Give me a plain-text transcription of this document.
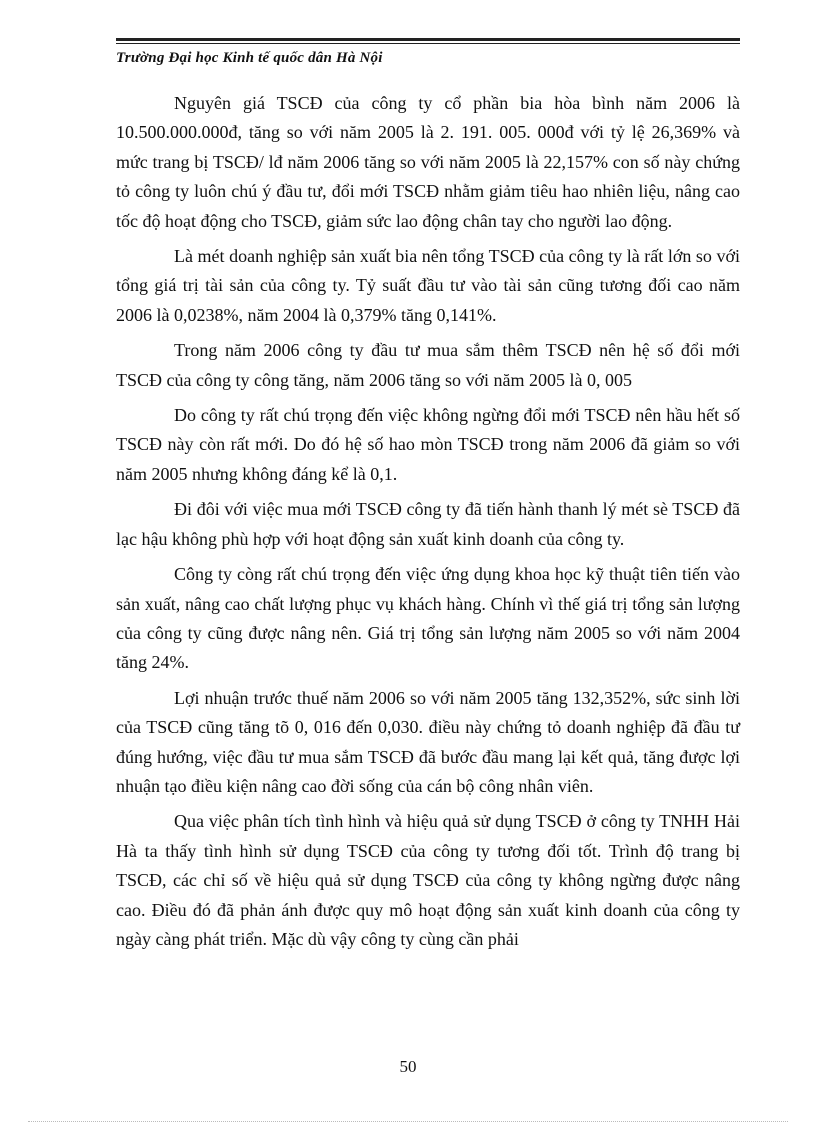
Trường Đại học Kinh tế quốc dân Hà Nội

Nguyên giá TSCĐ của công ty cổ phần bia hòa bình năm 2006 là 10.500.000.000đ, tăng so với năm 2005 là 2. 191. 005. 000đ với tỷ lệ 26,369% và mức trang bị TSCĐ/ lđ năm 2006 tăng so với năm 2005 là 22,157% con số này chứng tỏ công ty luôn chú ý đầu tư, đổi mới TSCĐ nhằm giảm tiêu hao nhiên liệu, nâng cao tốc độ hoạt động cho TSCĐ, giảm sức lao động chân tay cho người lao động.

Là mét doanh nghiệp sản xuất bia nên tổng TSCĐ của công ty là rất lớn so với tổng giá trị tài sản của công ty. Tỷ suất đầu tư vào tài sản cũng tương đối cao năm 2006 là 0,0238%, năm 2004 là 0,379% tăng 0,141%.

Trong năm 2006 công ty đầu tư mua sắm thêm TSCĐ nên hệ số đổi mới TSCĐ của công ty công tăng, năm 2006 tăng so với năm 2005 là 0, 005

Do công ty rất chú trọng đến việc không ngừng đổi mới TSCĐ nên hầu hết số TSCĐ này còn rất mới. Do đó hệ số hao mòn TSCĐ trong năm 2006 đã giảm so với năm 2005 nhưng không đáng kể là 0,1.

Đi đôi với việc mua mới TSCĐ công ty đã tiến hành thanh lý mét sè TSCĐ đã lạc hậu không phù hợp với hoạt động sản xuất kinh doanh của công ty.

Công ty còng rất chú trọng đến việc ứng dụng khoa học kỹ thuật tiên tiến vào sản xuất, nâng cao chất lượng phục vụ khách hàng. Chính vì thế giá trị tổng sản lượng của công ty cũng được nâng nên. Giá trị tổng sản lượng năm 2005 so với năm 2004 tăng 24%.

Lợi nhuận trước thuế năm 2006 so với năm 2005 tăng 132,352%, sức sinh lời của TSCĐ cũng tăng tõ 0, 016 đến 0,030. điều này chứng tỏ doanh nghiệp đã đầu tư đúng hướng, việc đầu tư mua sắm TSCĐ đã bước đầu mang lại kết quả, tăng được lợi nhuận tạo điều kiện nâng cao đời sống của cán bộ công nhân viên.

Qua việc phân tích tình hình và hiệu quả sử dụng TSCĐ ở công ty TNHH Hải Hà ta thấy tình hình sử dụng TSCĐ của công ty tương đối tốt. Trình độ trang bị TSCĐ, các chỉ số về hiệu quả sử dụng TSCĐ của công ty không ngừng được nâng cao. Điều đó đã phản ánh được quy mô hoạt động sản xuất kinh doanh của công ty ngày càng phát triển. Mặc dù vậy công ty cùng cần phải

50
